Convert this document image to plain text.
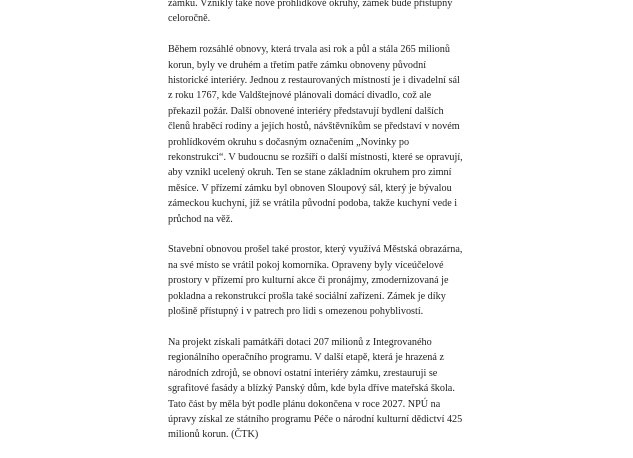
zámku. Vznikly také nové prohlídkové okruhy, zámek bude přístupný celoročně.

Během rozsáhlé obnovy, která trvala asi rok a půl a stála 265 milionů korun, byly ve druhém a třetím patře zámku obnoveny původní historické interiéry. Jednou z restaurovaných místností je i divadelní sál z roku 1767, kde Valdštejnové plánovali domácí divadlo, což ale překazil požár. Další obnovené interiéry představují bydlení dalších členů hraběcí rodiny a jejích hostů, návštěvníkům se představí v novém prohlídkovém okruhu s dočasným označením „Novinky po rekonstrukci“. V budoucnu se rozšíří o další místnosti, které se opravují, aby vznikl ucelený okruh. Ten se stane základním okruhem pro zimní měsíce. V přízemí zámku byl obnoven Sloupový sál, který je bývalou zámeckou kuchyní, jíž se vrátila původní podoba, takže kuchyní vede i průchod na věž.

Stavební obnovou prošel také prostor, který využívá Městská obrazárna, na své místo se vrátil pokoj komorníka. Opraveny byly víceúčelové prostory v přízemí pro kulturní akce či pronájmy, zmodernizovaná je pokladna a rekonstrukcí prošla také sociální zařízení. Zámek je díky plošině přístupný i v patrech pro lidi s omezenou pohyblivostí.

Na projekt získali památkáři dotaci 207 milionů z Integrovaného regionálního operačního programu. V další etapě, která je hrazená z národních zdrojů, se obnoví ostatní interiéry zámku, zrestauruji se sgrafitové fasády a blízký Panský dům, kde byla dříve mateřská škola. Tato část by měla být podle plánu dokončena v roce 2027. NPÚ na úpravy získal ze státního programu Péče o národní kulturní dědictví 425 milionů korun. (ČTK)
